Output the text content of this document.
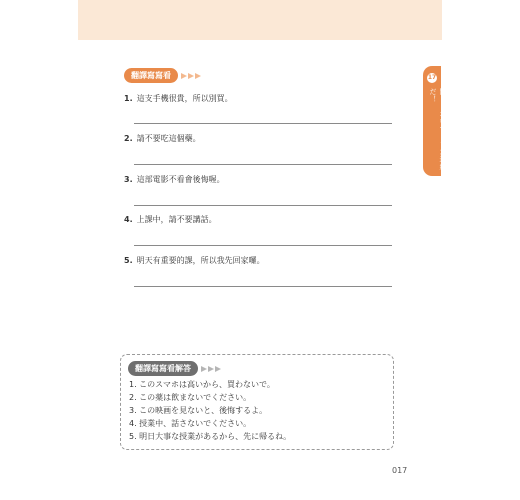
17
聞くしないで、また連絡だ！
翻譯寫寫看
1. 這支手機很貴，所以別買。
2. 請不要吃這個藥。
3. 這部電影不看會後悔喔。
4. 上課中，請不要講話。
5. 明天有重要的課，所以我先回家囉。
翻譯寫寫看解答
1. このスマホは高いから、買わないで。
2. この薬は飲まないでください。
3. この映画を見ないと、後悔するよ。
4. 授業中、話さないでください。
5. 明日大事な授業があるから、先に帰るね。
017
